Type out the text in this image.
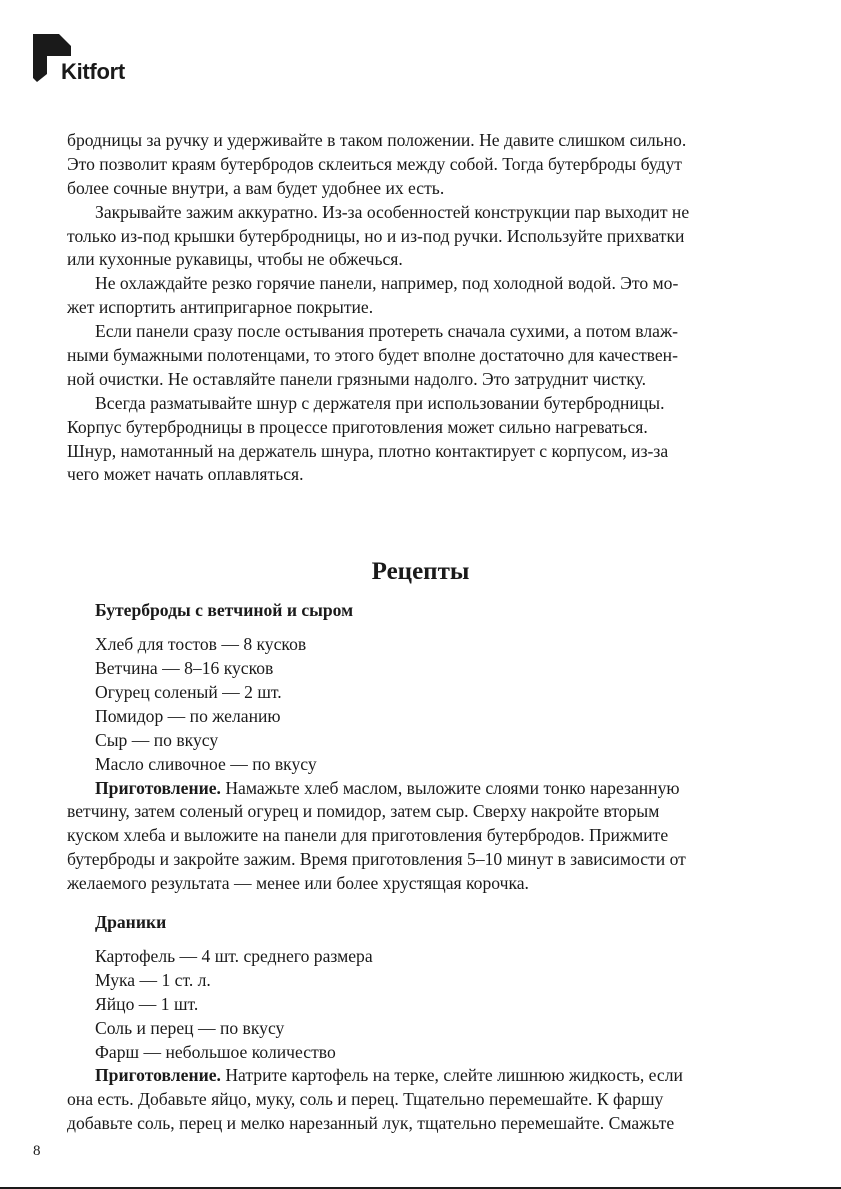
Kitfort
бродницы за ручку и удерживайте в таком положении. Не давите слишком сильно.
Это позволит краям бутербродов склеиться между собой. Тогда бутерброды будут
более сочные внутри, а вам будет удобнее их есть.
Закрывайте зажим аккуратно. Из-за особенностей конструкции пар выходит не
только из-под крышки бутербродницы, но и из-под ручки. Используйте прихватки
или кухонные рукавицы, чтобы не обжечься.
Не охлаждайте резко горячие панели, например, под холодной водой. Это мо-
жет испортить антипригарное покрытие.
Если панели сразу после остывания протереть сначала сухими, а потом влаж-
ными бумажными полотенцами, то этого будет вполне достаточно для качествен-
ной очистки. Не оставляйте панели грязными надолго. Это затруднит чистку.
Всегда разматывайте шнур с держателя при использовании бутербродницы.
Корпус бутербродницы в процессе приготовления может сильно нагреваться.
Шнур, намотанный на держатель шнура, плотно контактирует с корпусом, из-за
чего может начать оплавляться.
Рецепты
Бутерброды с ветчиной и сыром
Хлеб для тостов — 8 кусков
Ветчина — 8–16 кусков
Огурец соленый — 2 шт.
Помидор — по желанию
Сыр — по вкусу
Масло сливочное — по вкусу
Приготовление. Намажьте хлеб маслом, выложите слоями тонко нарезанную
ветчину, затем соленый огурец и помидор, затем сыр. Сверху накройте вторым
куском хлеба и выложите на панели для приготовления бутербродов. Прижмите
бутерброды и закройте зажим. Время приготовления 5–10 минут в зависимости от
желаемого результата — менее или более хрустящая корочка.
Драники
Картофель — 4 шт. среднего размера
Мука — 1 ст. л.
Яйцо — 1 шт.
Соль и перец — по вкусу
Фарш — небольшое количество
Приготовление. Натрите картофель на терке, слейте лишнюю жидкость, если
она есть. Добавьте яйцо, муку, соль и перец. Тщательно перемешайте. К фаршу
добавьте соль, перец и мелко нарезанный лук, тщательно перемешайте. Смажьте
8
